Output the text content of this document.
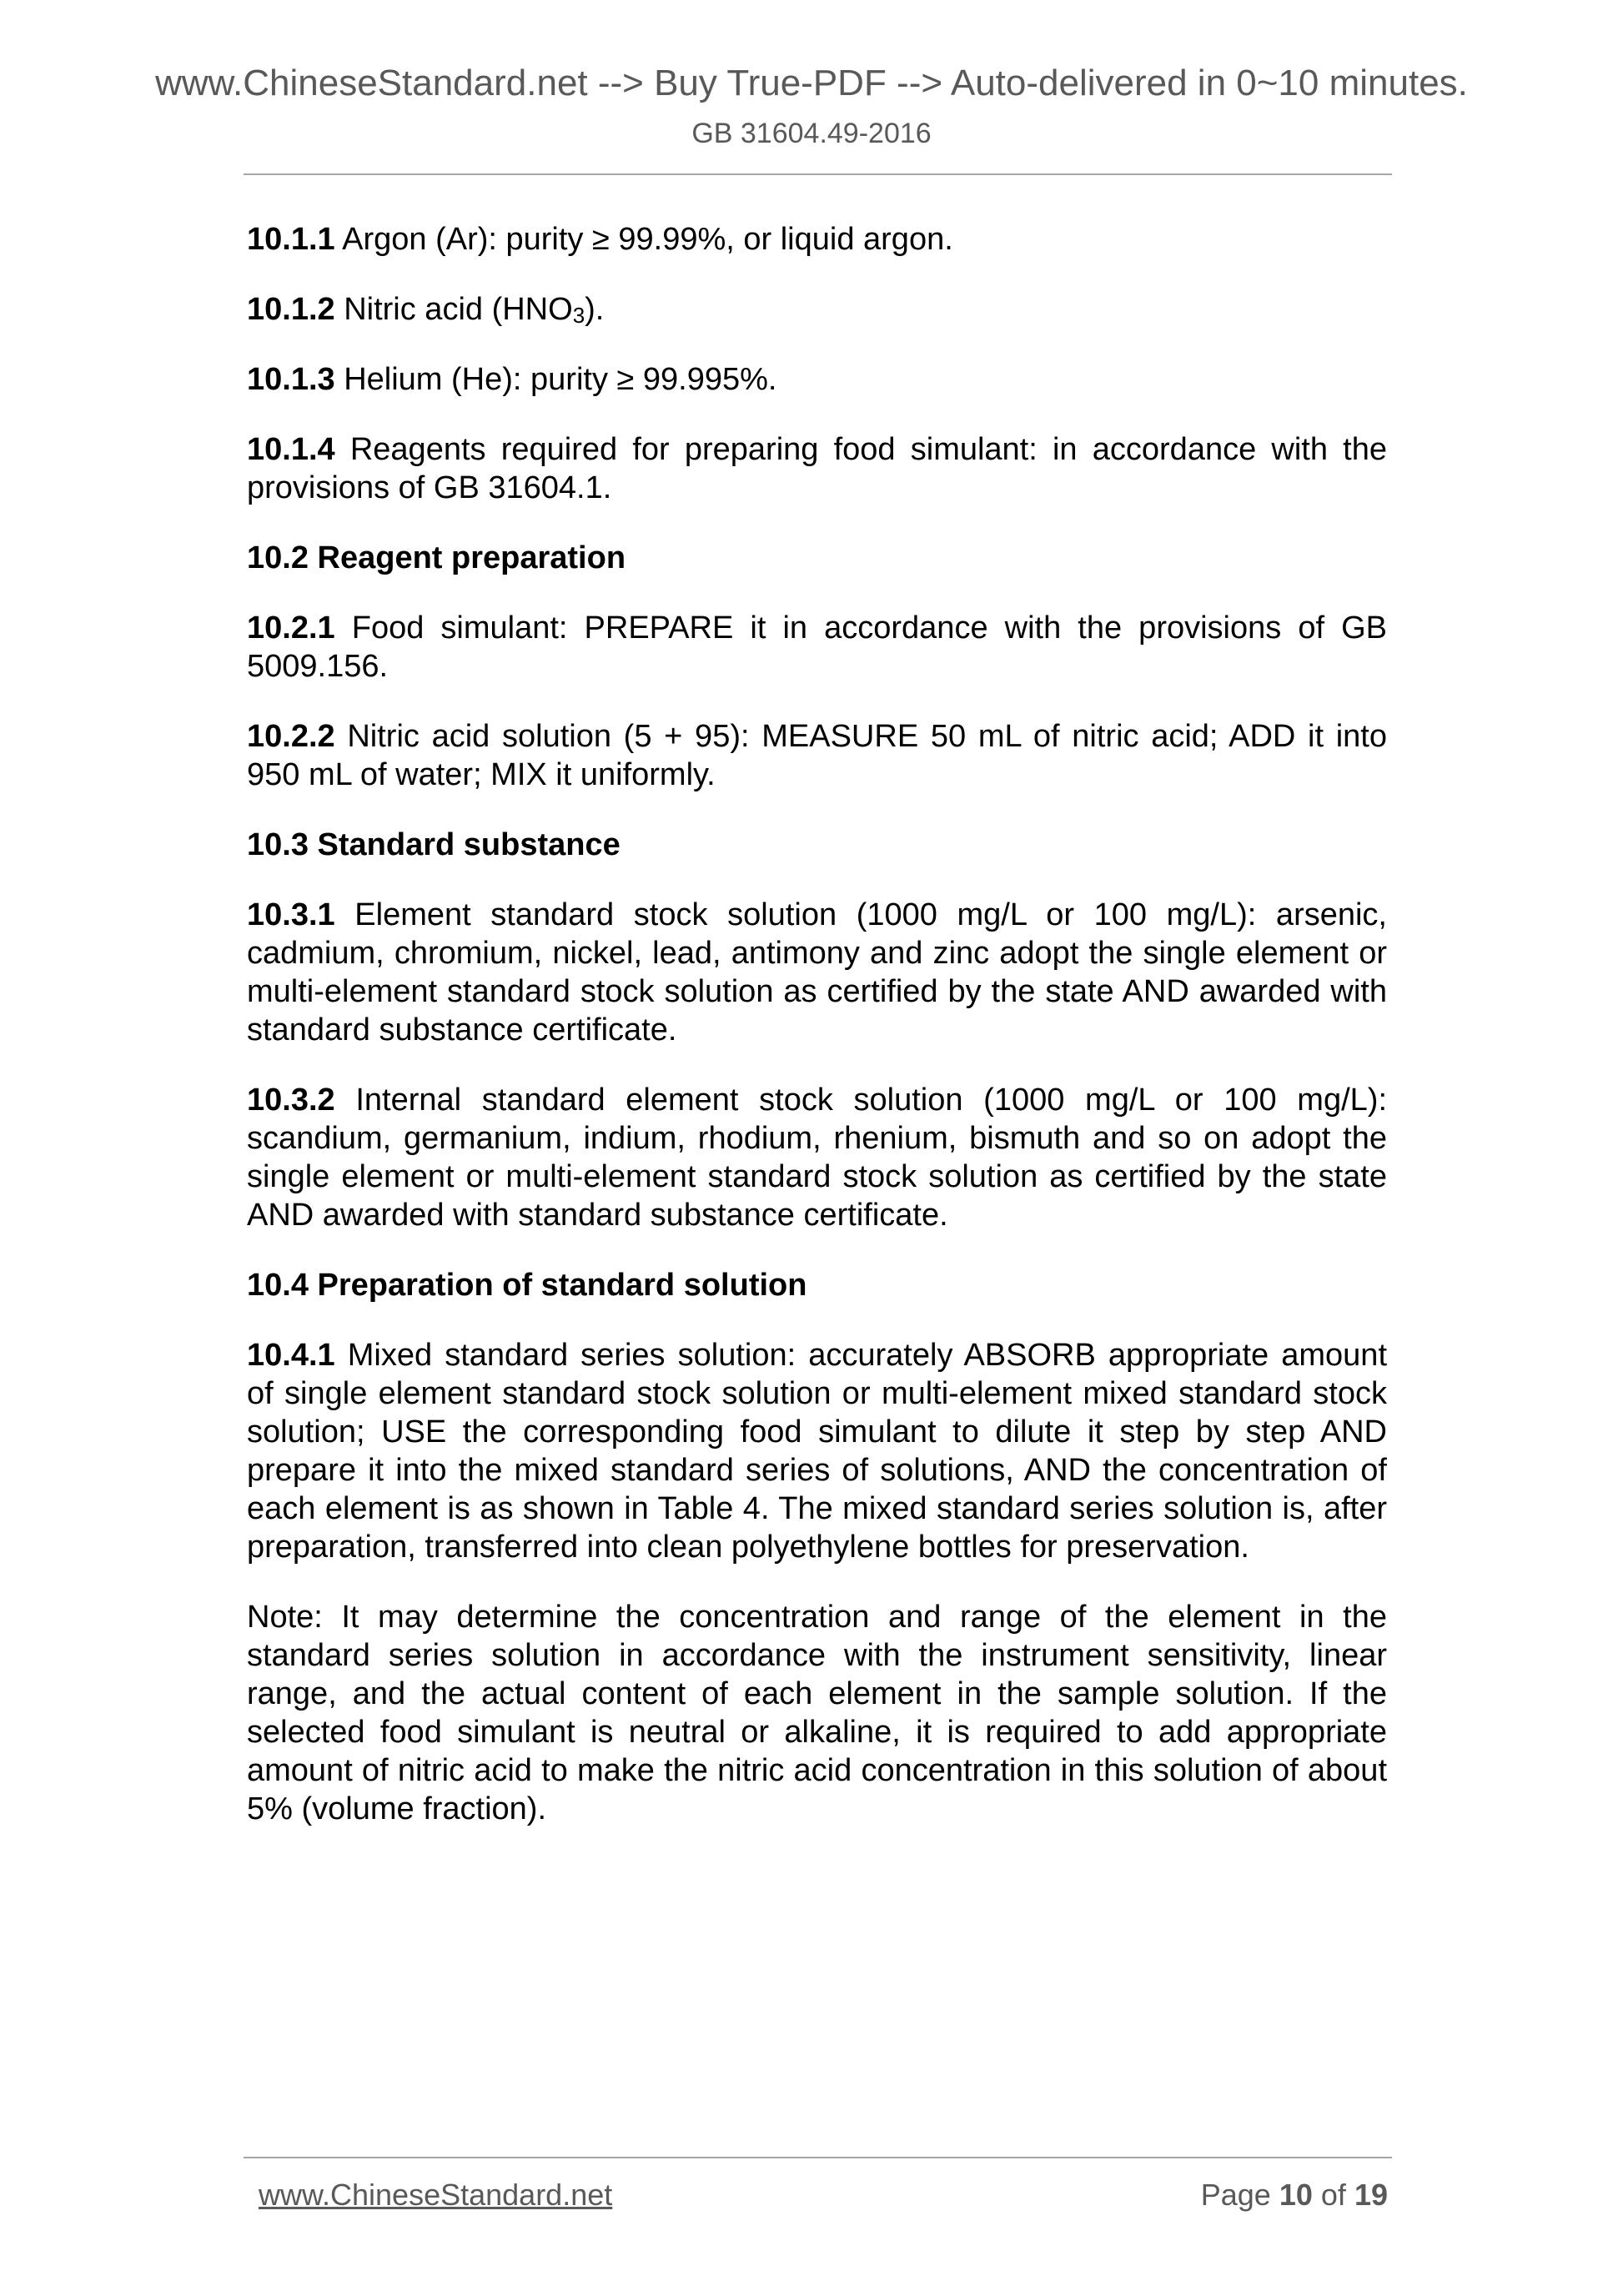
www.ChineseStandard.net --> Buy True-PDF --> Auto-delivered in 0~10 minutes.
GB 31604.49-2016

10.1.1 Argon (Ar): purity ≥ 99.99%, or liquid argon.

10.1.2 Nitric acid $(HNO_3)$.

10.1.3 Helium (He): purity ≥ 99.995%.

10.1.4 Reagents required for preparing food simulant: in accordance with the provisions of GB 31604.1.

10.2 Reagent preparation

10.2.1 Food simulant: PREPARE it in accordance with the provisions of GB 5009.156.

10.2.2 Nitric acid solution (5 + 95): MEASURE 50 mL of nitric acid; ADD it into 950 mL of water; MIX it uniformly.

10.3 Standard substance

10.3.1 Element standard stock solution (1000 mg/L or 100 mg/L): arsenic, cadmium, chromium, nickel, lead, antimony and zinc adopt the single element or multi-element standard stock solution as certified by the state AND awarded with standard substance certificate.

10.3.2 Internal standard element stock solution (1000 mg/L or 100 mg/L): scandium, germanium, indium, rhodium, rhenium, bismuth and so on adopt the single element or multi-element standard stock solution as certified by the state AND awarded with standard substance certificate.

10.4 Preparation of standard solution

10.4.1 Mixed standard series solution: accurately ABSORB appropriate amount of single element standard stock solution or multi-element mixed standard stock solution; USE the corresponding food simulant to dilute it step by step AND prepare it into the mixed standard series of solutions, AND the concentration of each element is as shown in Table 4. The mixed standard series solution is, after preparation, transferred into clean polyethylene bottles for preservation.

Note: It may determine the concentration and range of the element in the standard series solution in accordance with the instrument sensitivity, linear range, and the actual content of each element in the sample solution. If the selected food simulant is neutral or alkaline, it is required to add appropriate amount of nitric acid to make the nitric acid concentration in this solution of about 5% (volume fraction).

www.ChineseStandard.net	Page 10 of 19
